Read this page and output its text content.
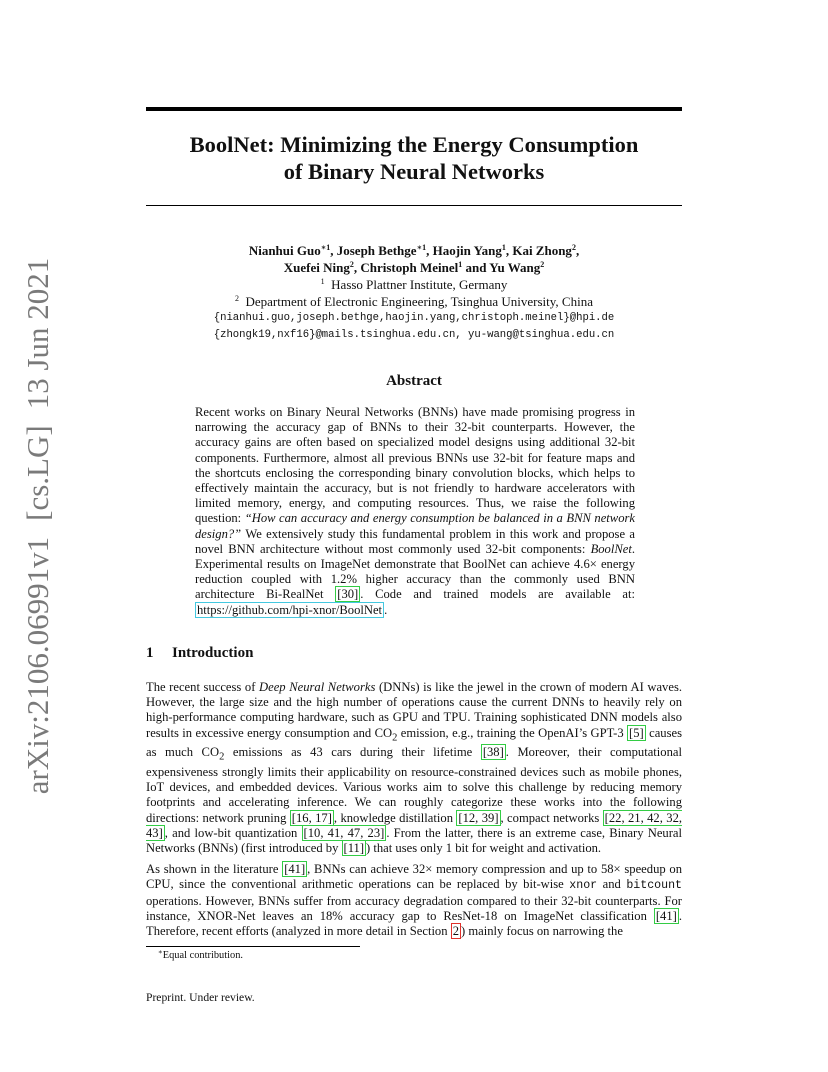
arXiv:2106.06991v1[cs.LG]13 Jun 2021
BoolNet: Minimizing the Energy Consumption
of Binary Neural Networks
Nianhui Guo$^{∗1}$, Joseph Bethge$^{∗1}$, Haojin Yang$^1$, Kai Zhong$^2$,
Xuefei Ning$^2$, Christoph Meinel$^1$ and Yu Wang$^2$
$^1$ Hasso Plattner Institute, Germany
$^2$ Department of Electronic Engineering, Tsinghua University, China
{nianhui.guo,joseph.bethge,haojin.yang,christoph.meinel}@hpi.de
{zhongk19,nxf16}@mails.tsinghua.edu.cn, yu-wang@tsinghua.edu.cn
Abstract

Recent works on Binary Neural Networks (BNNs) have made promising progress in narrowing the accuracy gap of BNNs to their 32-bit counterparts. However, the accuracy gains are often based on specialized model designs using additional 32-bit components. Furthermore, almost all previous BNNs use 32-bit for feature maps and the shortcuts enclosing the corresponding binary convolution blocks, which helps to effectively maintain the accuracy, but is not friendly to hardware accelerators with limited memory, energy, and computing resources. Thus, we raise the following question: “How can accuracy and energy consumption be balanced in a BNN network design?” We extensively study this fundamental problem in this work and propose a novel BNN architecture without most commonly used 32-bit components: BoolNet. Experimental results on ImageNet demonstrate that BoolNet can achieve 4.6× energy reduction coupled with 1.2% higher accuracy than the commonly used BNN architecture Bi-RealNet [30] . Code and trained models are available at: https://github.com/hpi-xnor/BoolNet .

1 Introduction

The recent success of Deep Neural Networks (DNNs) is like the jewel in the crown of modern AI waves. However, the large size and the high number of operations cause the current DNNs to heavily rely on high-performance computing hardware, such as GPU and TPU. Training sophisticated DNN models also results in excessive energy consumption and $CO_2$ emission, e.g., training the OpenAI’s GPT-3 [5] causes as much $CO_2$ emissions as 43 cars during their lifetime [38] . Moreover, their computational expensiveness strongly limits their applicability on resource-constrained devices such as mobile phones, IoT devices, and embedded devices. Various works aim to solve this challenge by reducing memory footprints and accelerating inference. We can roughly categorize these works into the following directions: network pruning [16, 17] , knowledge distillation [12, 39] , compact networks [22, 21, 42, 32, 43] , and low-bit quantization [10, 41, 47, 23] . From the latter, there is an extreme case, Binary Neural Networks (BNNs) (first introduced by [11] ) that uses only 1 bit for weight and activation.

As shown in the literature [41] , BNNs can achieve 32× memory compression and up to 58× speedup on CPU, since the conventional arithmetic operations can be replaced by bit-wise xnor and bitcount operations. However, BNNs suffer from accuracy degradation compared to their 32-bit counterparts. For instance, XNOR-Net leaves an 18% accuracy gap to ResNet-18 on ImageNet classification [41] . Therefore, recent efforts (analyzed in more detail in Section 2 ) mainly focus on narrowing the

∗Equal contribution.
Preprint. Under review.
